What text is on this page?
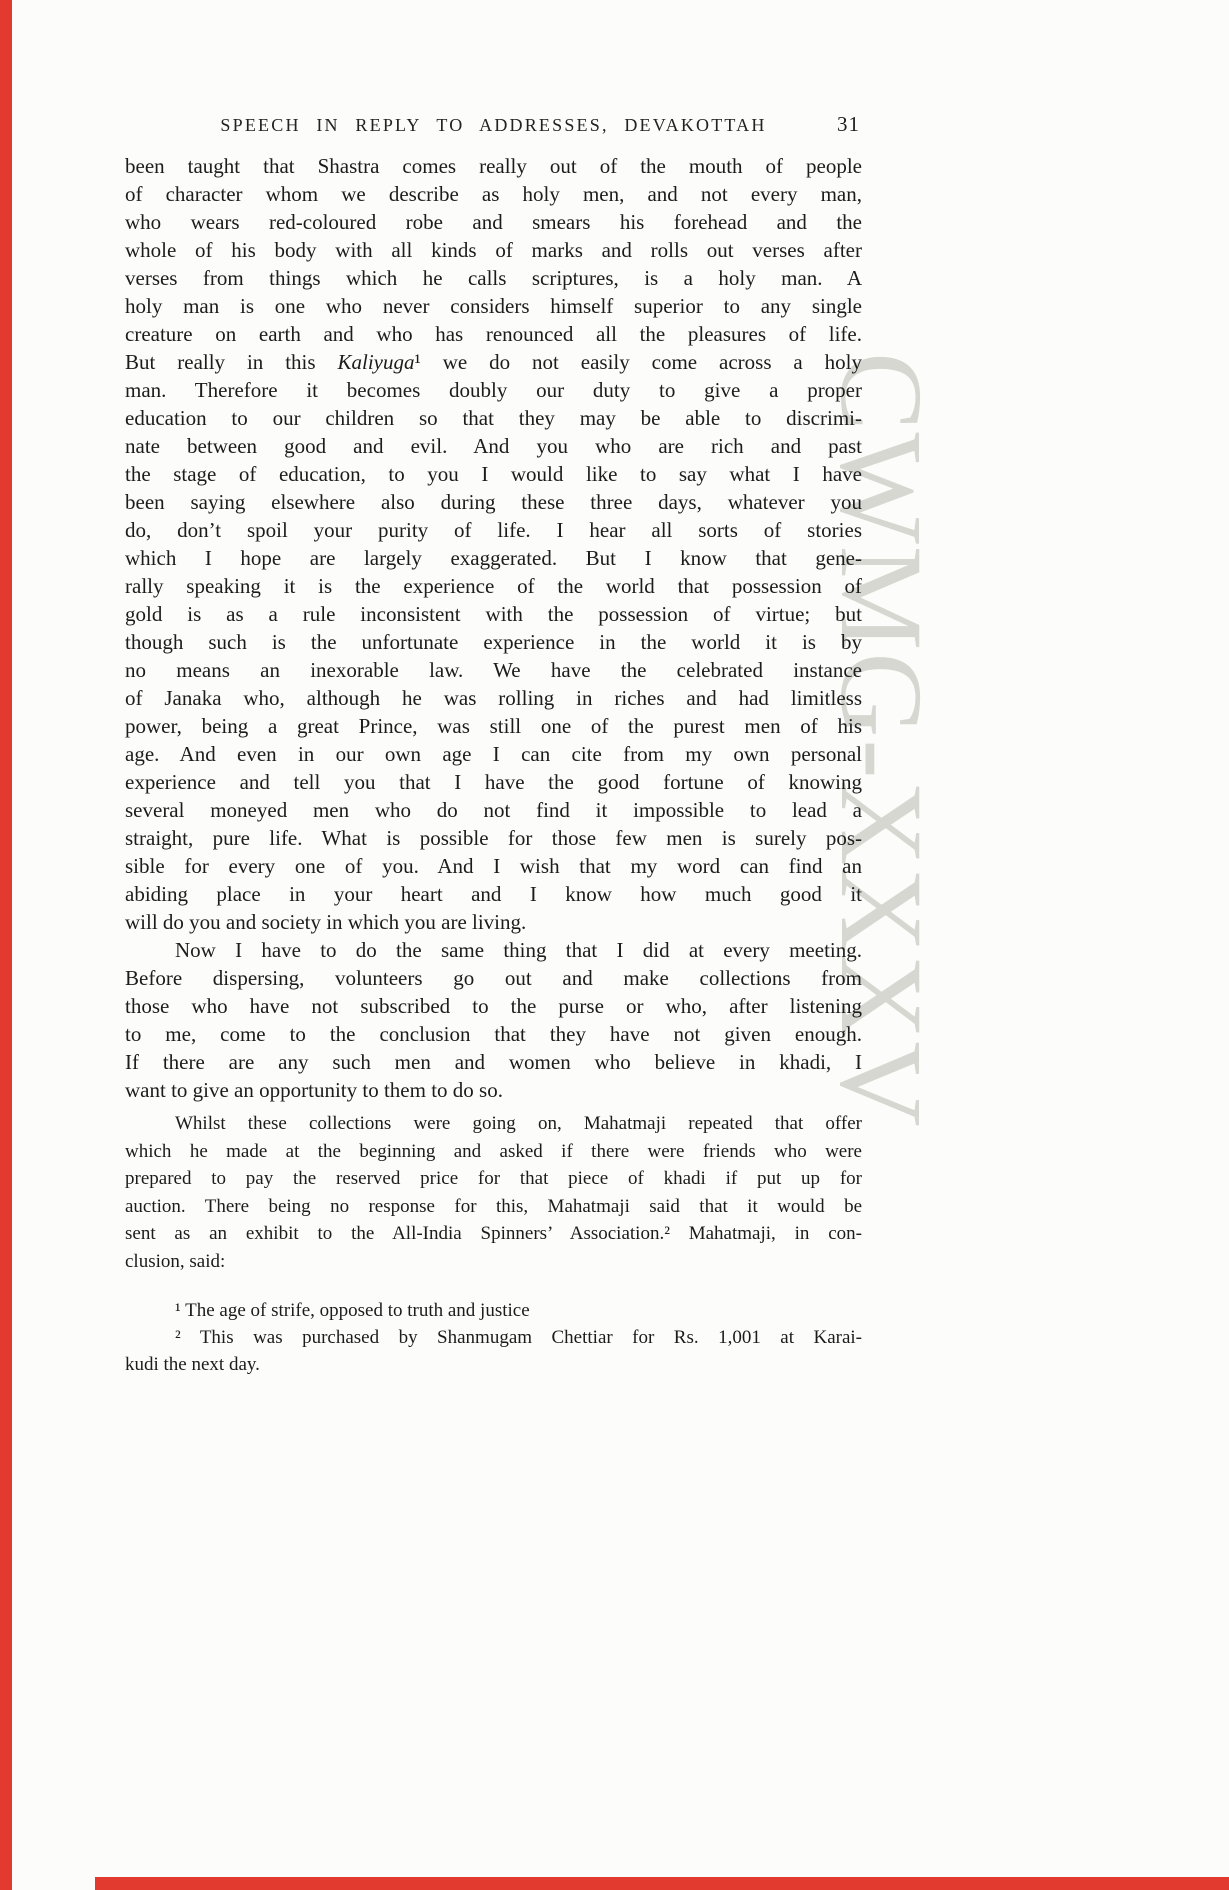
CWMG-XXXV
SPEECH IN REPLY TO ADDRESSES, DEVAKOTTAH	31
been taught that Shastra comes really out of the mouth of people
of character whom we describe as holy men, and not every man,
who wears red-coloured robe and smears his forehead and the
whole of his body with all kinds of marks and rolls out verses after
verses from things which he calls scriptures, is a holy man. A
holy man is one who never considers himself superior to any single
creature on earth and who has renounced all the pleasures of life.
But really in this Kaliyuga¹ we do not easily come across a holy
man. Therefore it becomes doubly our duty to give a proper
education to our children so that they may be able to discrimi-
nate between good and evil. And you who are rich and past
the stage of education, to you I would like to say what I have
been saying elsewhere also during these three days, whatever you
do, don’t spoil your purity of life. I hear all sorts of stories
which I hope are largely exaggerated. But I know that gene-
rally speaking it is the experience of the world that possession of
gold is as a rule inconsistent with the possession of virtue; but
though such is the unfortunate experience in the world it is by
no means an inexorable law. We have the celebrated instance
of Janaka who, although he was rolling in riches and had limitless
power, being a great Prince, was still one of the purest men of his
age. And even in our own age I can cite from my own personal
experience and tell you that I have the good fortune of knowing
several moneyed men who do not find it impossible to lead a
straight, pure life. What is possible for those few men is surely pos-
sible for every one of you. And I wish that my word can find an
abiding place in your heart and I know how much good it
will do you and society in which you are living.
Now I have to do the same thing that I did at every meeting.
Before dispersing, volunteers go out and make collections from
those who have not subscribed to the purse or who, after listening
to me, come to the conclusion that they have not given enough.
If there are any such men and women who believe in khadi, I
want to give an opportunity to them to do so.
Whilst these collections were going on, Mahatmaji repeated that offer
which he made at the beginning and asked if there were friends who were
prepared to pay the reserved price for that piece of khadi if put up for
auction. There being no response for this, Mahatmaji said that it would be
sent as an exhibit to the All-India Spinners’ Association.² Mahatmaji, in con-
clusion, said:
¹ The age of strife, opposed to truth and justice
² This was purchased by Shanmugam Chettiar for Rs. 1,001 at Karai-
kudi the next day.
